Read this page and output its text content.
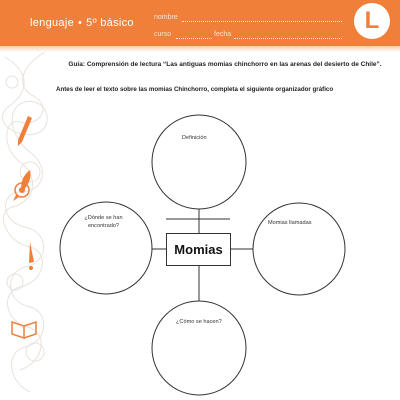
lenguaje • 5º básico	nombre
curso	fecha
L
Guía: Comprensión de lectura “Las antiguas momias chinchorro en las arenas del desierto de Chile”.
Antes de leer el texto sobre las momias Chinchorro, completa el siguiente organizador gráfico
Momias
Definición
¿Dónde se han encontrado?	Momias llamadas
¿Cómo se hacen?
